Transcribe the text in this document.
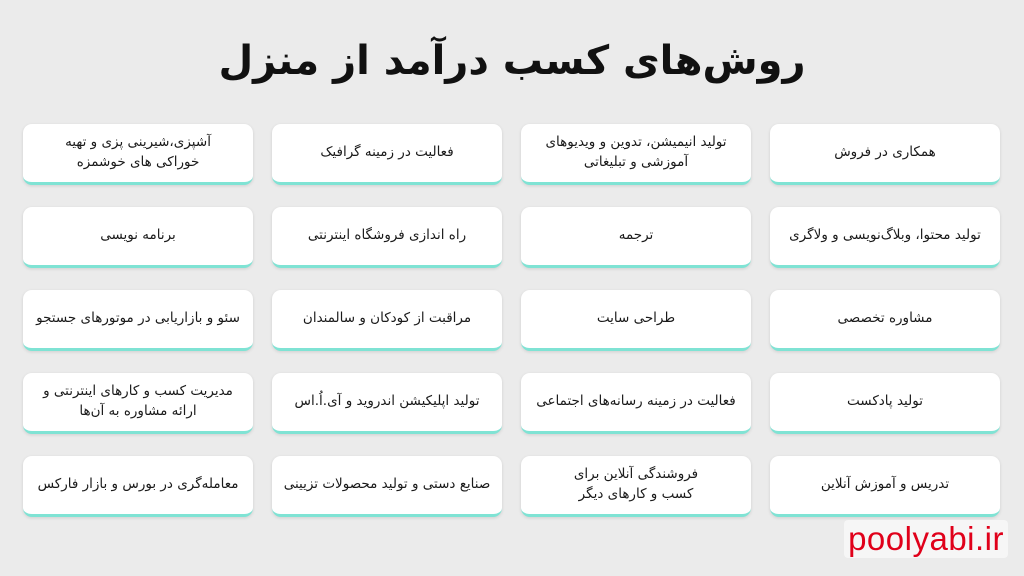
روش‌های کسب درآمد از منزل
همکاری در فروش
تولید انیمیشن، تدوین و ویدیوهای
آموزشی و تبلیغاتی
فعالیت در زمینه گرافیک
آشپزی،شیرینی پزی و تهیه
خوراکی های خوشمزه
تولید محتوا، وبلاگ‌نویسی و ولاگری
ترجمه
راه اندازی فروشگاه اینترنتی
برنامه نویسی
مشاوره تخصصی
طراحی سایت
مراقبت از کودکان و سالمندان
سئو و بازاریابی در موتورهای جستجو
تولید پادکست
فعالیت در زمینه رسانه‌های اجتماعی
تولید اپلیکیشن اندروید و آی.اُ.اس
مدیریت کسب و کارهای اینترنتی و
ارائه مشاوره به آن‌ها
تدریس و آموزش آنلاین
فروشندگی آنلاین برای
کسب و کارهای دیگر
صنایع دستی و تولید محصولات تزیینی
معامله‌گری در بورس و بازار فارکس
poolyabi.ir
